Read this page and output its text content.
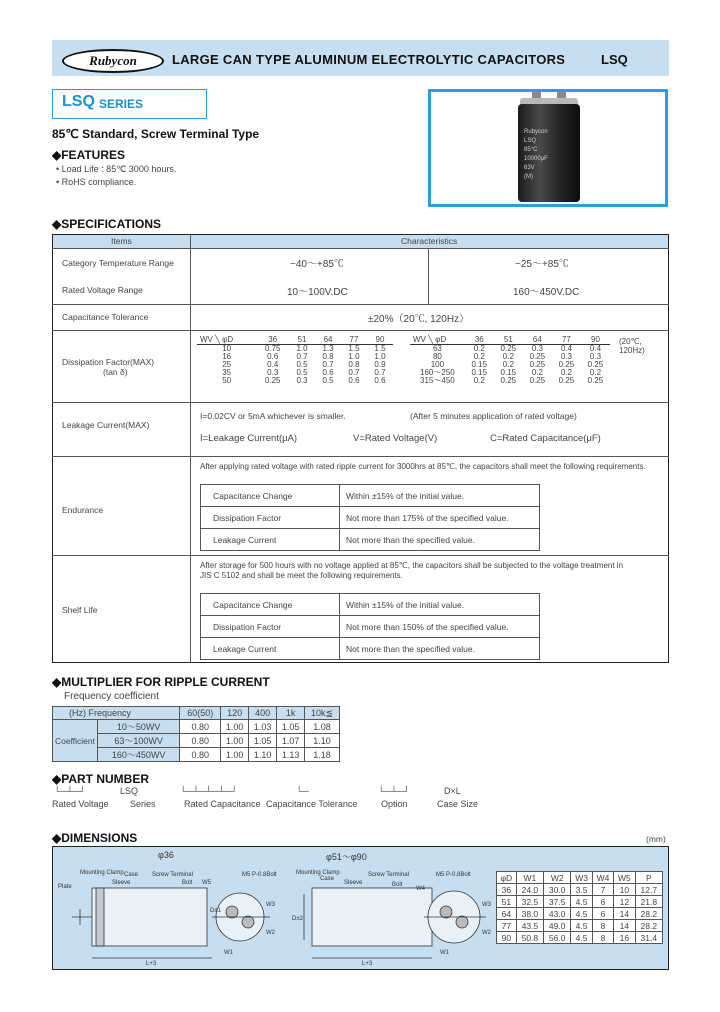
Rubycon	LARGE CAN TYPE ALUMINUM ELECTROLYTIC CAPACITORS	LSQ
LSQ SERIES
Rubycon
LSQ
85°C
10000μF
63V
(M)
85℃ Standard, Screw Terminal Type
◆FEATURES
• Load Life : 85℃ 3000 hours.
• RoHS compliance.
◆SPECIFICATIONS
Items	Characteristics
Category Temperature Range	−40〜+85℃	−25〜+85℃
Rated Voltage Range	10〜100V.DC	160〜450V.DC
Capacitance Tolerance	±20%（20℃, 120Hz）
Dissipation Factor(MAX)
(tan δ)
WV ╲ φD	36	51	64	77	90
10	0.75	1.0	1.3	1.5	1.5
16	0.6	0.7	0.8	1.0	1.0
25	0.4	0.5	0.7	0.8	0.9
35	0.3	0.5	0.6	0.7	0.7
50	0.25	0.3	0.5	0.6	0.6
WV ╲ φD	36	51	64	77	90
63	0.2	0.25	0.3	0.4	0.4
80	0.2	0.2	0.25	0.3	0.3
100	0.15	0.2	0.25	0.25	0.25
160〜250	0.15	0.15	0.2	0.2	0.2
315〜450	0.2	0.25	0.25	0.25	0.25
(20℃, 120Hz)
Leakage Current(MAX)
I=0.02CV or 5mA whichever is smaller.	(After 5 minutes application of rated voltage)
I=Leakage Current(μA)	V=Rated Voltage(V)	C=Rated Capacitance(μF)
Endurance
After applying rated voltage with rated ripple current for 3000hrs at 85℃, the capacitors shall meet the following requirements.
Capacitance Change	Within ±15% of the initial value.
Dissipation Factor	Not more than 175% of the specified value.
Leakage Current	Not more than the specified value.
Shelf Life
After storage for 500 hours with no voltage applied at 85℃, the capacitors shall be subjected to the voltage treatment in
JIS C 5102 and shall be meet the following requirements.
Capacitance Change	Within ±15% of the initial value.
Dissipation Factor	Not more than 150% of the specified value.
Leakage Current	Not more than the specified value.
◆MULTIPLIER FOR RIPPLE CURRENT
Frequency coefficient
(Hz) Frequency		60(50)	120	400	1k	10k≦
Coefficient	10〜50WV	0.80	1.00	1.03	1.05	1.08
	63〜100WV	0.80	1.00	1.05	1.07	1.10
	160〜450WV	0.80	1.00	1.10	1.13	1.18
◆PART NUMBER
└─┴─┘	LSQ	└─┴─┴─┴─┘	└─	└─┴─┘	D×L
Rated Voltage Series	Rated Capacitance Capacitance Tolerance	Option	Case Size
◆DIMENSIONS	(mm)
φ36	φ51〜φ90
Mounting Clamp Case
Sleeve
Screw Terminal
Bolt
Plate
L+3
M5 P-0.8Bolt
D±1
W5
W3
W2
W1
Mounting Clamp
Case
Sleeve
Screw Terminal
Bolt
L+3
M5 P-0.8Bolt
D±2
W4
W3
W2
W1
φD	W1	W2	W3	W4	W5	P
36	24.0	30.0	3.5	7	10	12.7
51	32.5	37.5	4.5	6	12	21.8
64	38.0	43.0	4.5	6	14	28.2
77	43.5	49.0	4.5	8	14	28.2
90	50.8	56.0	4.5	8	16	31.4
